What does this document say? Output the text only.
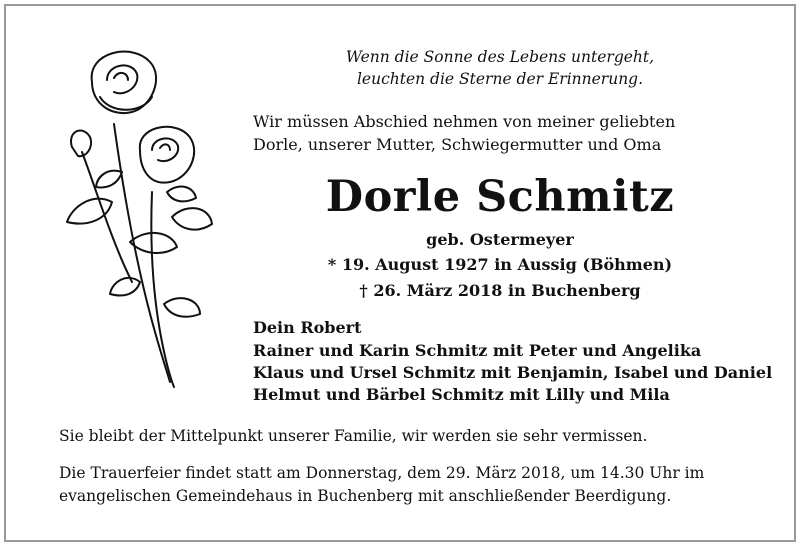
Wenn die Sonne des Lebens untergeht,
leuchten die Sterne der Erinnerung.
Wir müssen Abschied nehmen von meiner geliebten
Dorle, unserer Mutter, Schwiegermutter und Oma
Dorle Schmitz
geb. Ostermeyer
* 19. August 1927 in Aussig (Böhmen)
† 26. März 2018 in Buchenberg
Dein Robert
Rainer und Karin Schmitz mit Peter und Angelika
Klaus und Ursel Schmitz mit Benjamin, Isabel und Daniel
Helmut und Bärbel Schmitz mit Lilly und Mila
Sie bleibt der Mittelpunkt unserer Familie, wir werden sie sehr vermissen.
Die Trauerfeier findet statt am Donnerstag, dem 29. März 2018, um 14.30 Uhr im
evangelischen Gemeindehaus in Buchenberg mit anschließender Beerdigung.
